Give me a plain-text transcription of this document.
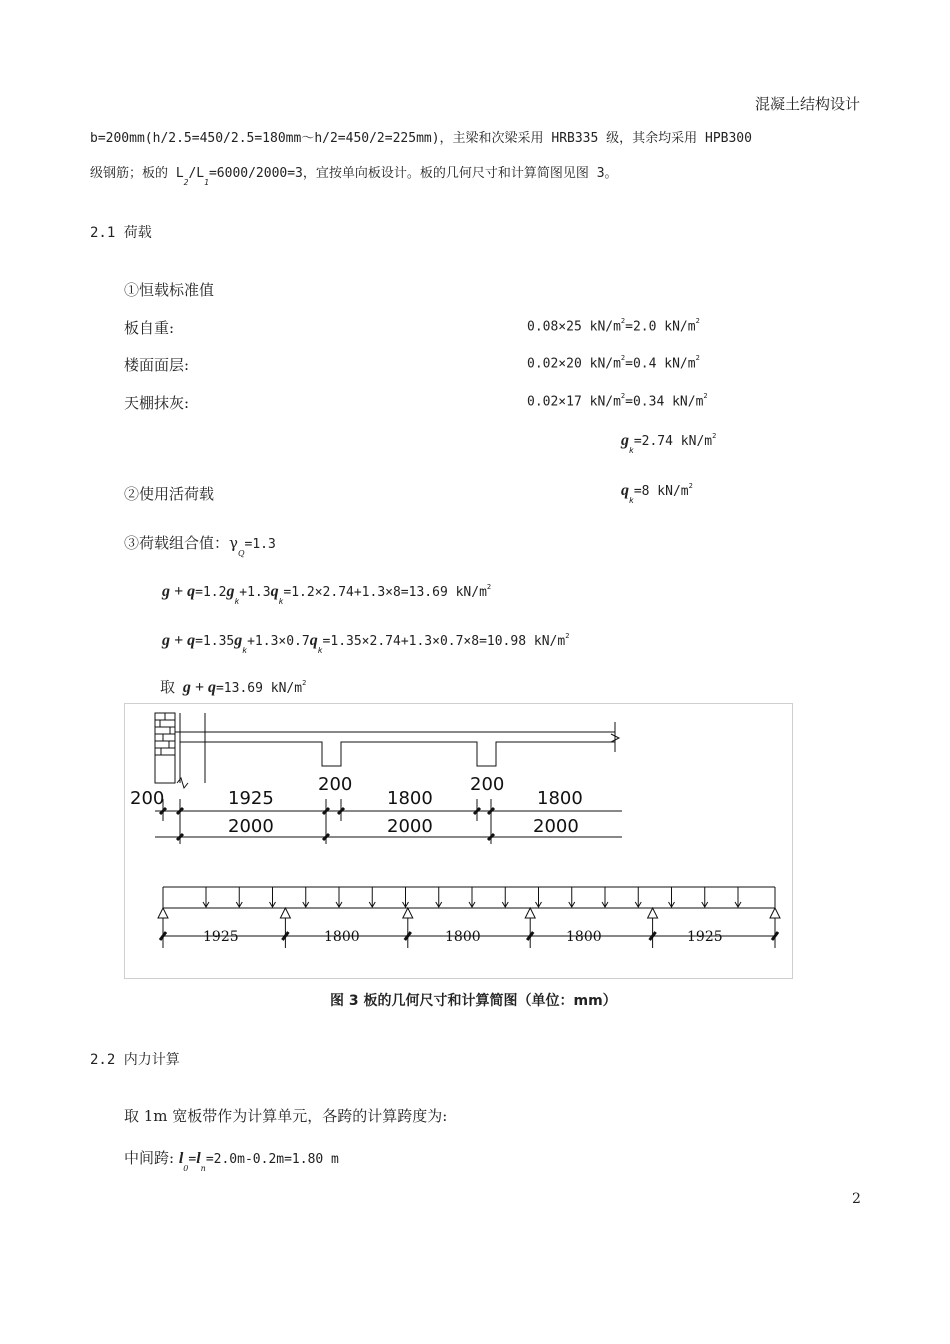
混凝土结构设计
b=200mm(h/2.5=450/2.5=180mm～h/2=450/2=225mm)，主梁和次梁采用 HRB335 级，其余均采用 HPB300
级钢筋；板的 $L_2/L_1=6000/2000=3$，宜按单向板设计。板的几何尺寸和计算简图见图 3。
2.1 荷载
①恒载标准值
板自重:	0.08×25 $kN/m^2=2.0$ $kN/m^2$
楼面面层:	0.02×20 $kN/m^2=0.4$ $kN/m^2$
天棚抹灰:	0.02×17 $kN/m^2=0.34$ $kN/m^2$
$g_k=2.74$ $kN/m^2$
②使用活荷载	$q_k=8$ $kN/m^2$
③荷载组合值：$\gamma_Q=1.3$
$g + q=1.2g_k+1.3q_k=1.2\times 2.74+1.3\times 8=13.69$ $kN/m^2$
$g + q=1.35g_k+1.3\times 0.7q_k=1.35\times 2.74+1.3\times 0.7\times 8=10.98$ $kN/m^2$
取 g + q=13.69 $kN/m^2$
200	1925
200
1800
200
1800
2000	2000	2000
1925	1800	1800	1800	1925
图 3 板的几何尺寸和计算简图（单位：mm）
2.2 内力计算
取 1m 宽板带作为计算单元，各跨的计算跨度为:
中间跨: $l_0=l_n=2.0m-0.2m=1.80$ m
2
